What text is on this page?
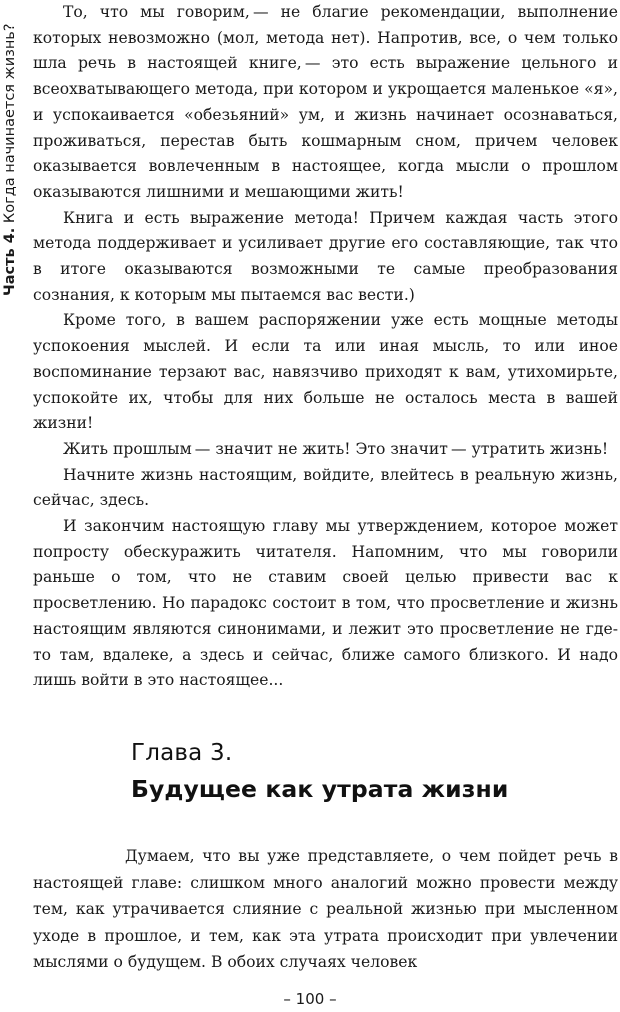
Часть 4. Когда начинается жизнь?

То, что мы говорим, — не благие рекомендации, выполнение которых невозможно (мол, метода нет). Напротив, все, о чем только шла речь в настоящей книге, — это есть выражение цельного и всеохватывающего метода, при котором и укрощается маленькое «я», и успокаивается «обезьяний» ум, и жизнь начинает осознаваться, проживаться, перестав быть кошмарным сном, причем человек оказывается вовлеченным в настоящее, когда мысли о прошлом оказываются лишними и мешающими жить!

Книга и есть выражение метода! Причем каждая часть этого метода поддерживает и усиливает другие его составляющие, так что в итоге оказываются возможными те самые преобразования сознания, к которым мы пытаемся вас вести.)

Кроме того, в вашем распоряжении уже есть мощные методы успокоения мыслей. И если та или иная мысль, то или иное воспоминание терзают вас, навязчиво приходят к вам, утихомирьте, успокойте их, чтобы для них больше не осталось места в вашей жизни!

Жить прошлым — значит не жить! Это значит — утратить жизнь!

Начните жизнь настоящим, войдите, влейтесь в реальную жизнь, сейчас, здесь.

И закончим настоящую главу мы утверждением, которое может попросту обескуражить читателя. Напомним, что мы говорили раньше о том, что не ставим своей целью привести вас к просветлению. Но парадокс состоит в том, что просветление и жизнь настоящим являются синонимами, и лежит это просветление не где-то там, вдалеке, а здесь и сейчас, ближе самого близкого. И надо лишь войти в это настоящее...

Глава 3.
Будущее как утрата жизни

Думаем, что вы уже представляете, о чем пойдет речь в настоящей главе: слишком много аналогий можно провести между тем, как утрачивается слияние с реальной жизнью при мысленном уходе в прошлое, и тем, как эта утрата происходит при увлечении мыслями о будущем. В обоих случаях человек

– 100 –
